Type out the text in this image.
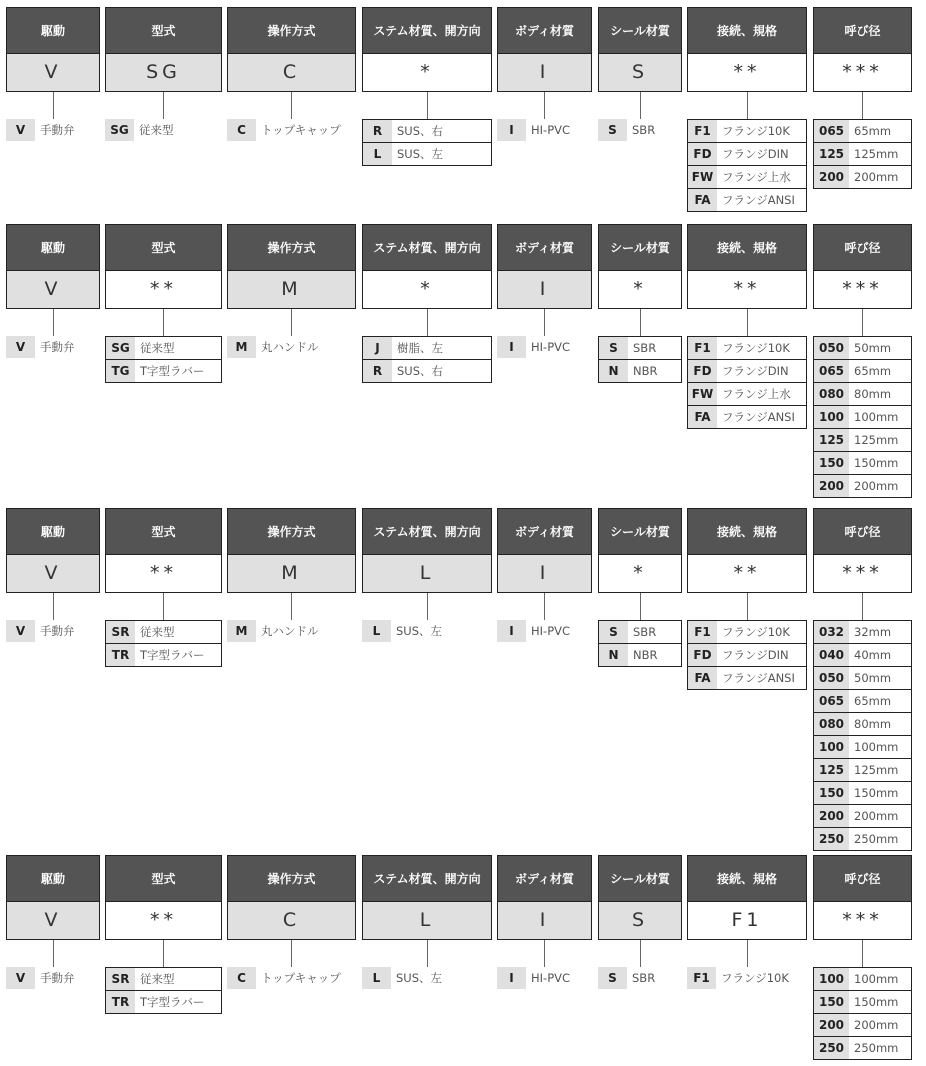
駆動
V
V	手動弁
型式
SG
SG 従来型
操作方式
C
C	トップキャップ
ステム材質、開方向
*
R	SUS、右
L	SUS、左
ボディ材質
I
I	HI-PVC
シール材質
S
S	SBR
接続、規格
**
F1 フランジ10K
FD フランジDIN
FW フランジ上水
FA フランジANSI
呼び径
***
065 65mm
125 125mm
200 200mm
駆動
V
V	手動弁
型式
**
SG 従来型
TG T字型ラバー
操作方式
M
M	丸ハンドル
ステム材質、開方向
*
J	樹脂、左
R	SUS、右
ボディ材質
I
I	HI-PVC
シール材質
*
S	SBR
N	NBR
接続、規格
**
F1 フランジ10K
FD フランジDIN
FW フランジ上水
FA フランジANSI
呼び径
***
050 50mm
065 65mm
080 80mm
100 100mm
125 125mm
150 150mm
200 200mm
駆動
V
V	手動弁
型式
**
SR 従来型
TR T字型ラバー
操作方式
M
M	丸ハンドル
ステム材質、開方向
L
L	SUS、左
ボディ材質
I
I	HI-PVC
シール材質
*
S	SBR
N	NBR
接続、規格
**
F1 フランジ10K
FD フランジDIN
FA フランジANSI
呼び径
***
032 32mm
040 40mm
050 50mm
065 65mm
080 80mm
100 100mm
125 125mm
150 150mm
200 200mm
250 250mm
駆動
V
V	手動弁
型式
**
SR 従来型
TR T字型ラバー
操作方式
C
C	トップキャップ
ステム材質、開方向
L
L	SUS、左
ボディ材質
I
I	HI-PVC
シール材質
S
S	SBR
接続、規格
F1
F1 フランジ10K
呼び径
***
100 100mm
150 150mm
200 200mm
250 250mm
